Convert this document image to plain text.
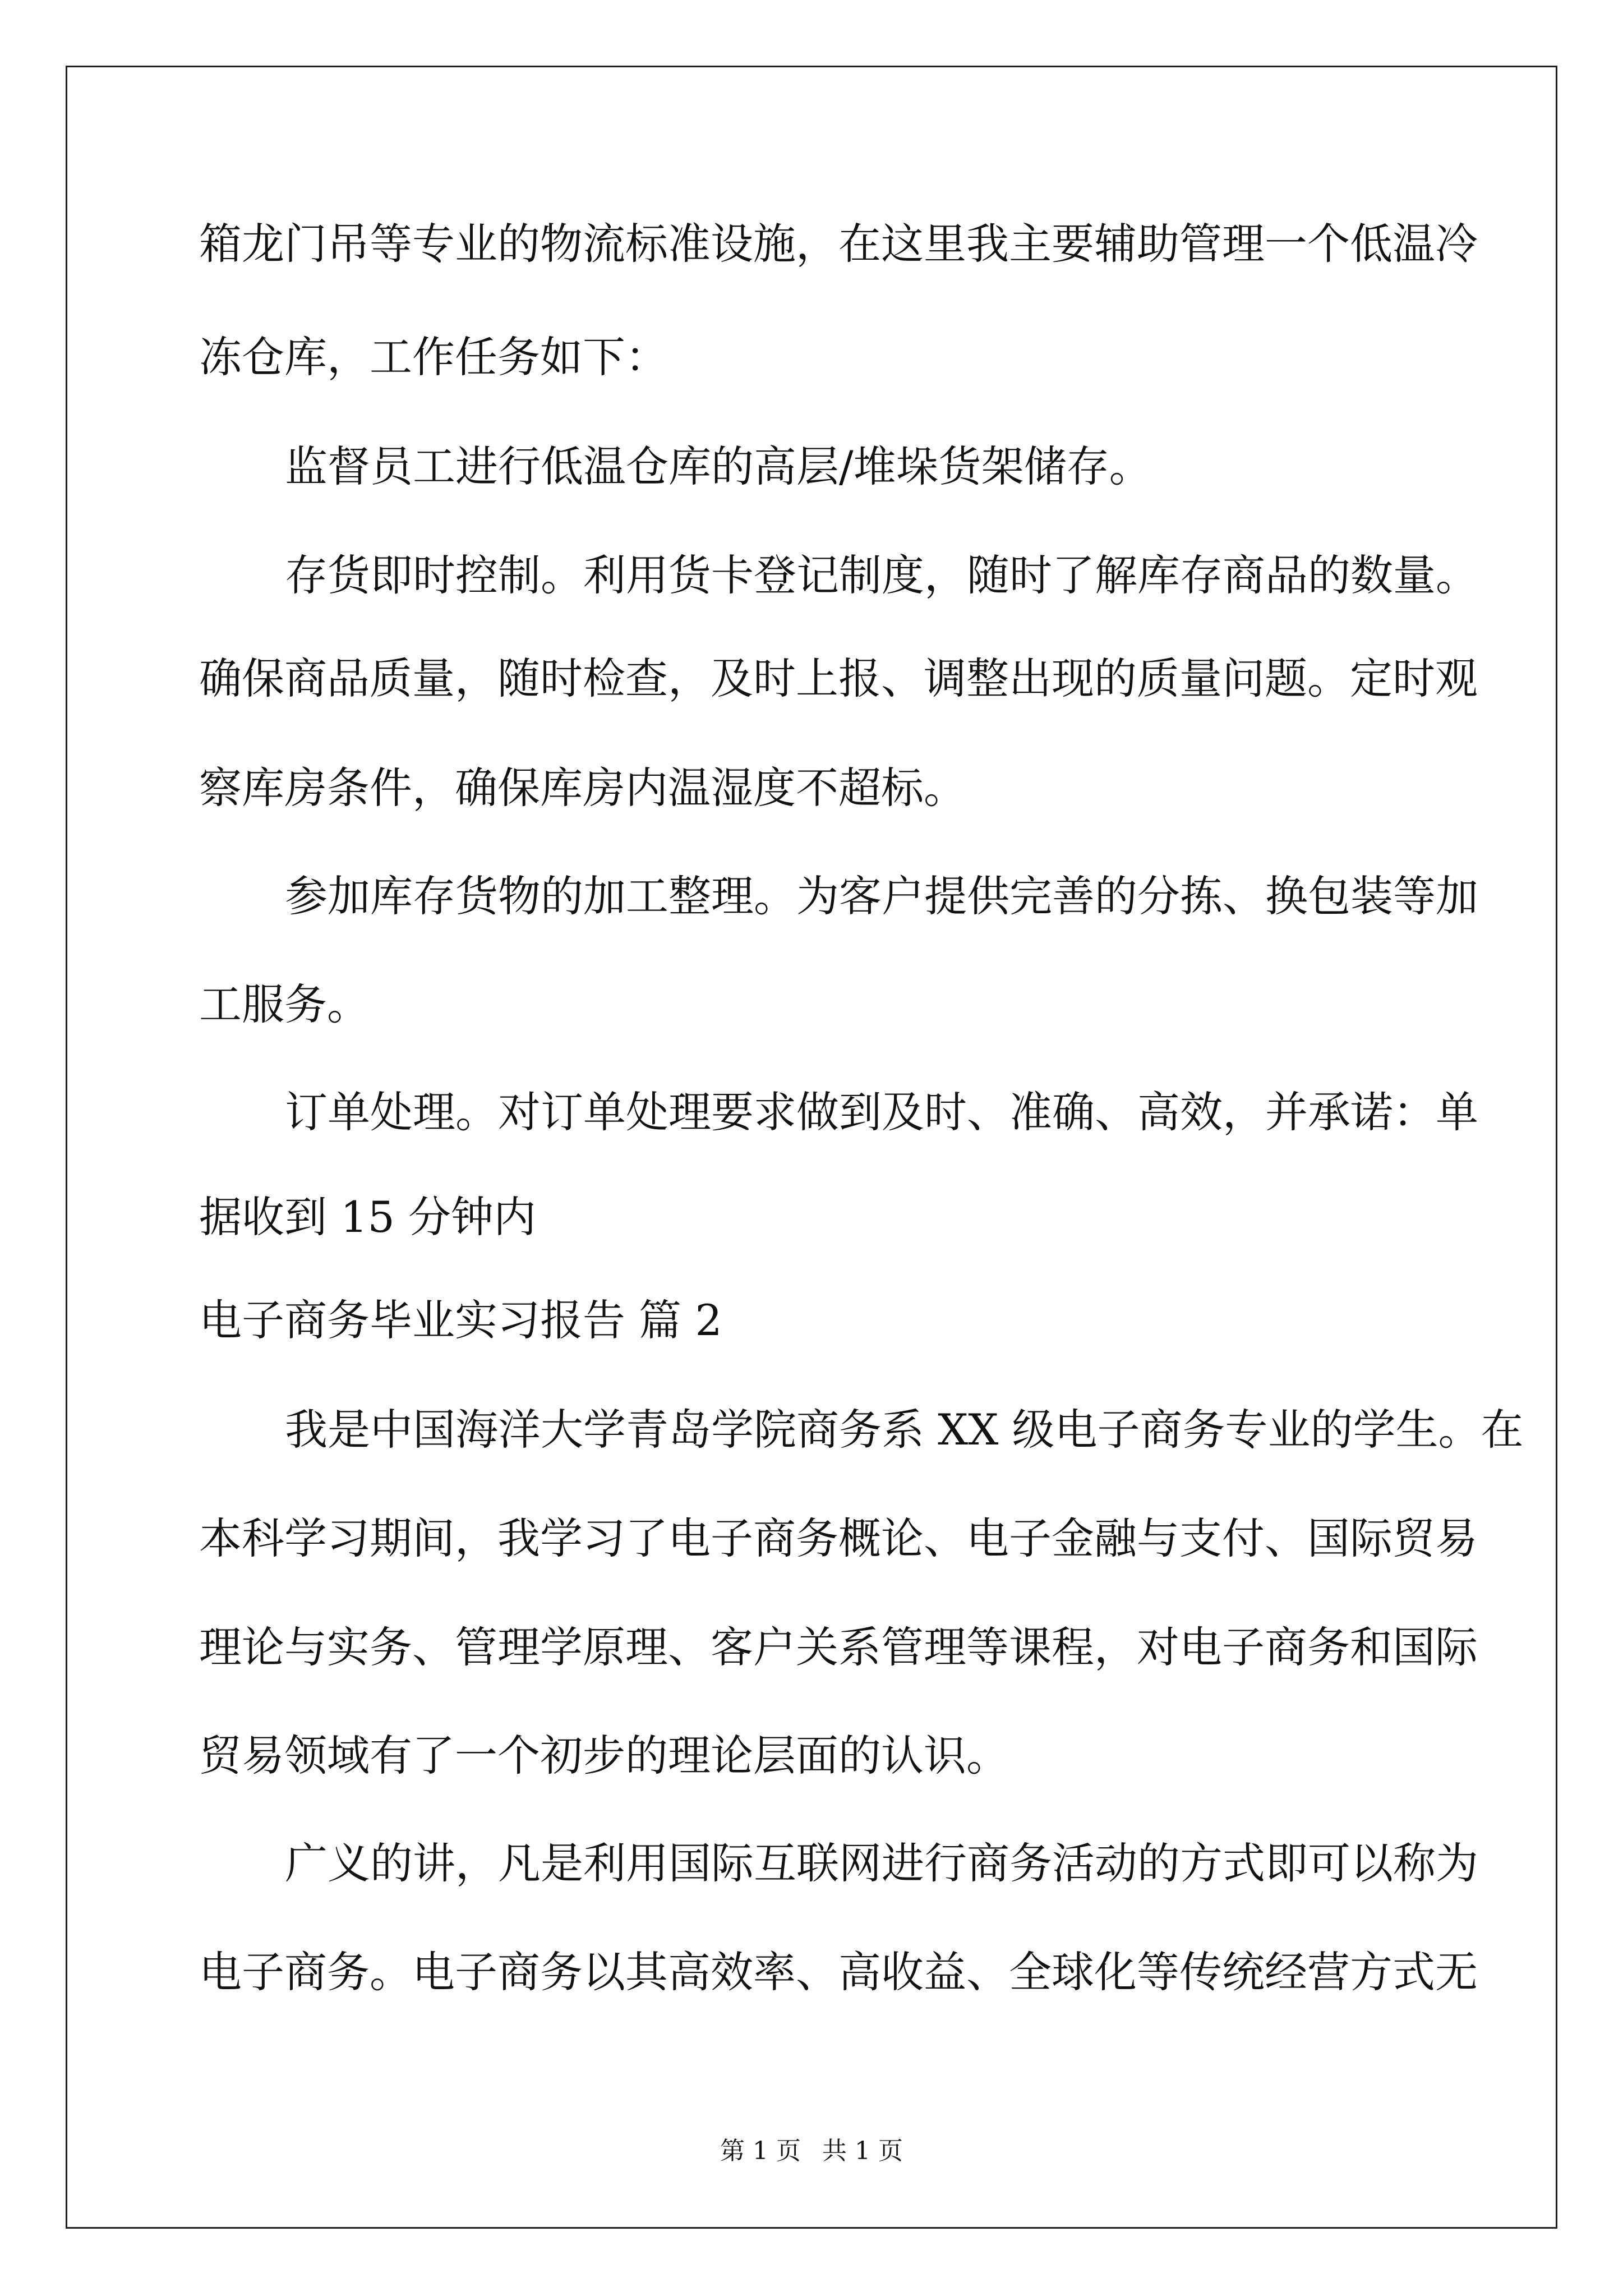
箱龙门吊等专业的物流标准设施，在这里我主要辅助管理一个低温冷

冻仓库，工作任务如下：

监督员工进行低温仓库的高层/堆垛货架储存。

存货即时控制。利用货卡登记制度，随时了解库存商品的数量。

确保商品质量，随时检查，及时上报、调整出现的质量问题。定时观

察库房条件，确保库房内温湿度不超标。

参加库存货物的加工整理。为客户提供完善的分拣、换包装等加

工服务。

订单处理。对订单处理要求做到及时、准确、高效，并承诺：单

据收到 15 分钟内

电子商务毕业实习报告 篇 2

我是中国海洋大学青岛学院商务系 XX 级电子商务专业的学生。在

本科学习期间，我学习了电子商务概论、电子金融与支付、国际贸易

理论与实务、管理学原理、客户关系管理等课程，对电子商务和国际

贸易领域有了一个初步的理论层面的认识。

广义的讲，凡是利用国际互联网进行商务活动的方式即可以称为

电子商务。电子商务以其高效率、高收益、全球化等传统经营方式无

第 1 页 共 1 页
